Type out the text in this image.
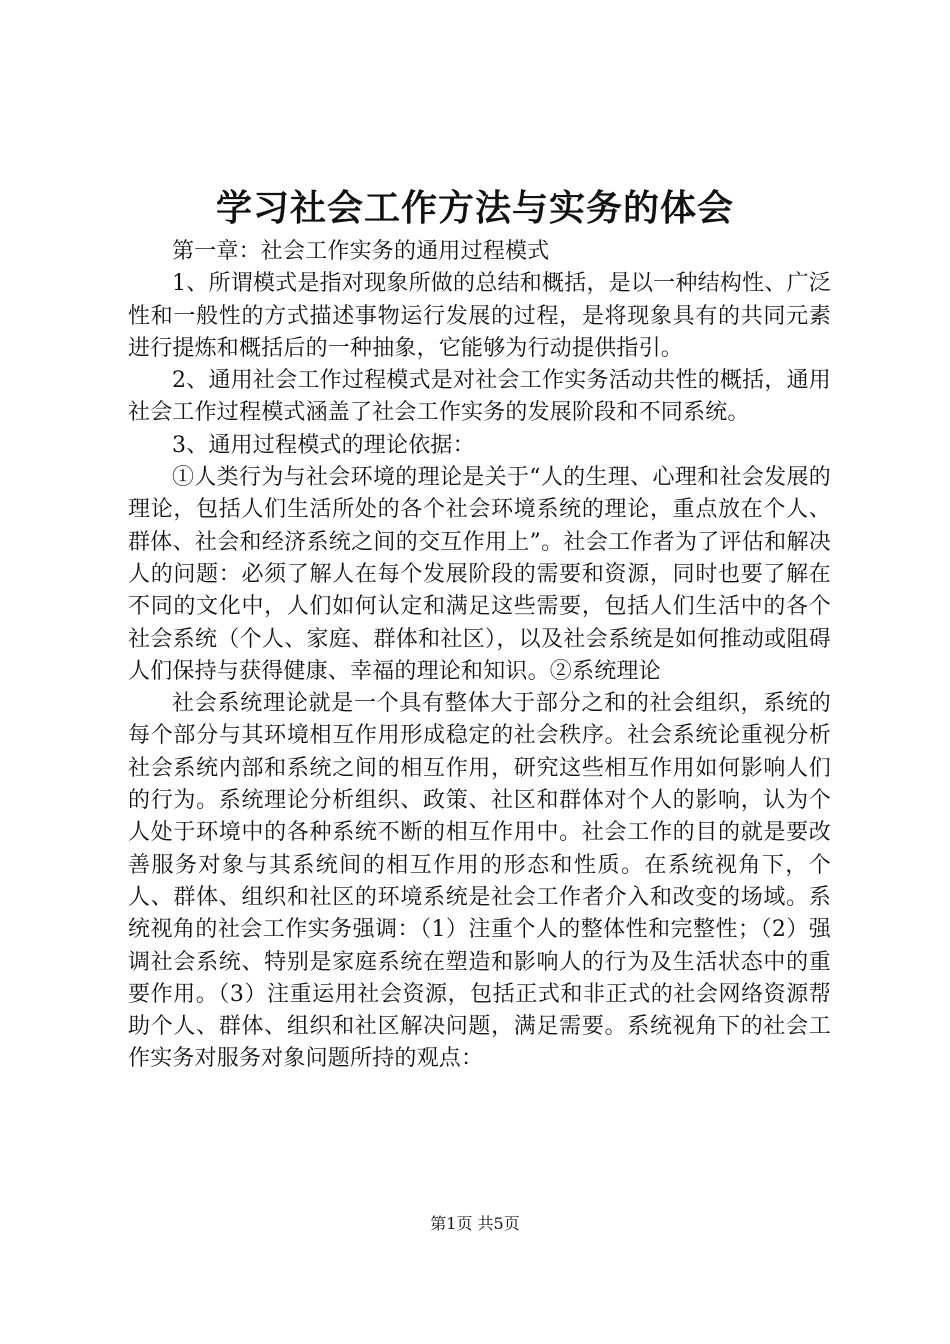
学习社会工作方法与实务的体会

第一章：社会工作实务的通用过程模式

1、所谓模式是指对现象所做的总结和概括，是以一种结构性、广泛性和一般性的方式描述事物运行发展的过程，是将现象具有的共同元素进行提炼和概括后的一种抽象，它能够为行动提供指引。

2、通用社会工作过程模式是对社会工作实务活动共性的概括，通用社会工作过程模式涵盖了社会工作实务的发展阶段和不同系统。

3、通用过程模式的理论依据：

①人类行为与社会环境的理论是关于“人的生理、心理和社会发展的理论，包括人们生活所处的各个社会环境系统的理论，重点放在个人、群体、社会和经济系统之间的交互作用上”。社会工作者为了评估和解决人的问题：必须了解人在每个发展阶段的需要和资源，同时也要了解在不同的文化中，人们如何认定和满足这些需要，包括人们生活中的各个社会系统（个人、家庭、群体和社区），以及社会系统是如何推动或阻碍人们保持与获得健康、幸福的理论和知识。②系统理论

社会系统理论就是一个具有整体大于部分之和的社会组织，系统的每个部分与其环境相互作用形成稳定的社会秩序。社会系统论重视分析社会系统内部和系统之间的相互作用，研究这些相互作用如何影响人们的行为。系统理论分析组织、政策、社区和群体对个人的影响，认为个人处于环境中的各种系统不断的相互作用中。社会工作的目的就是要改善服务对象与其系统间的相互作用的形态和性质。在系统视角下，个人、群体、组织和社区的环境系统是社会工作者介入和改变的场域。系统视角的社会工作实务强调：（1）注重个人的整体性和完整性；（2）强调社会系统、特别是家庭系统在塑造和影响人的行为及生活状态中的重要作用。（3）注重运用社会资源，包括正式和非正式的社会网络资源帮助个人、群体、组织和社区解决问题，满足需要。系统视角下的社会工作实务对服务对象问题所持的观点：

第1页 共5页
